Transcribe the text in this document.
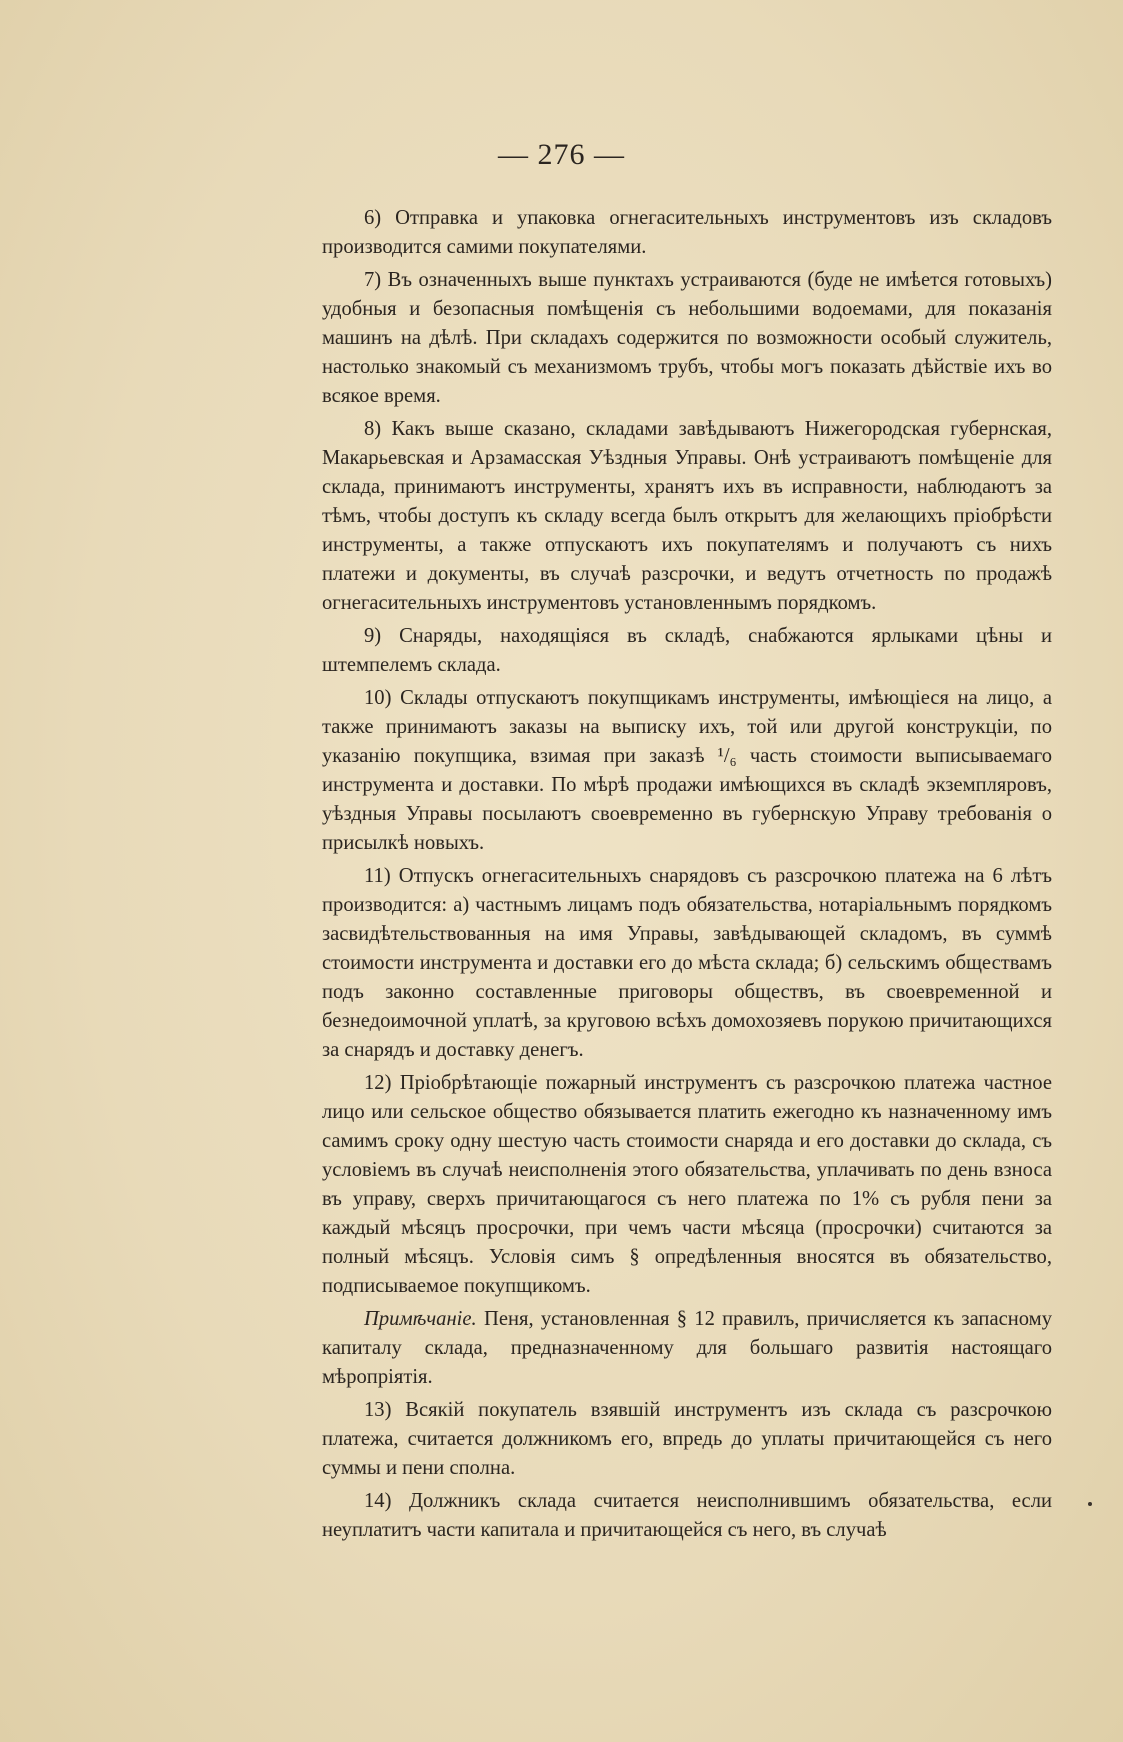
— 276 —

6) Отправка и упаковка огнегасительныхъ инструментовъ изъ складовъ производится самими покупателями.

7) Въ означенныхъ выше пунктахъ устраиваются (буде не имѣется готовыхъ) удобныя и безопасныя помѣщенія съ небольшими водоемами, для показанія машинъ на дѣлѣ. При складахъ содержится по возможности особый служитель, настолько знакомый съ механизмомъ трубъ, чтобы могъ показать дѣйствіе ихъ во всякое время.

8) Какъ выше сказано, складами завѣдываютъ Нижегородская губернская, Макарьевская и Арзамасская Уѣздныя Управы. Онѣ устраиваютъ помѣщеніе для склада, принимаютъ инструменты, хранятъ ихъ въ исправности, наблюдаютъ за тѣмъ, чтобы доступъ къ складу всегда былъ открытъ для желающихъ пріобрѣсти инструменты, а также отпускаютъ ихъ покупателямъ и получаютъ съ нихъ платежи и документы, въ случаѣ разсрочки, и ведутъ отчетность по продажѣ огнегасительныхъ инструментовъ установленнымъ порядкомъ.

9) Снаряды, находящіяся въ складѣ, снабжаются ярлыками цѣны и штемпелемъ склада.

10) Склады отпускаютъ покупщикамъ инструменты, имѣющіеся на лицо, а также принимаютъ заказы на выписку ихъ, той или другой конструкціи, по указанію покупщика, взимая при заказѣ ¹/₆ часть стоимости выписываемаго инструмента и доставки. По мѣрѣ продажи имѣющихся въ складѣ экземпляровъ, уѣздныя Управы посылаютъ своевременно въ губернскую Управу требованія о присылкѣ новыхъ.

11) Отпускъ огнегасительныхъ снарядовъ съ разсрочкою платежа на 6 лѣтъ производится: а) частнымъ лицамъ подъ обязательства, нотаріальнымъ порядкомъ засвидѣтельствованныя на имя Управы, завѣдывающей складомъ, въ суммѣ стоимости инструмента и доставки его до мѣста склада; б) сельскимъ обществамъ подъ законно составленные приговоры обществъ, въ своевременной и безнедоимочной уплатѣ, за круговою всѣхъ домохозяевъ порукою причитающихся за снарядъ и доставку денегъ.

12) Пріобрѣтающіе пожарный инструментъ съ разсрочкою платежа частное лицо или сельское общество обязывается платить ежегодно къ назначенному имъ самимъ сроку одну шестую часть стоимости снаряда и его доставки до склада, съ условіемъ въ случаѣ неисполненія этого обязательства, уплачивать по день взноса въ управу, сверхъ причитающагося съ него платежа по 1% съ рубля пени за каждый мѣсяцъ просрочки, при чемъ части мѣсяца (просрочки) считаются за полный мѣсяцъ. Условія симъ § опредѣленныя вносятся въ обязательство, подписываемое покупщикомъ.

Примѣчаніе. Пеня, установленная § 12 правилъ, причисляется къ запасному капиталу склада, предназначенному для большаго развитія настоящаго мѣропріятія.

13) Всякій покупатель взявшій инструментъ изъ склада съ разсрочкою платежа, считается должникомъ его, впредь до уплаты причитающейся съ него суммы и пени сполна.

14) Должникъ склада считается неисполнившимъ обязательства, если неуплатитъ части капитала и причитающейся съ него, въ случаѣ
